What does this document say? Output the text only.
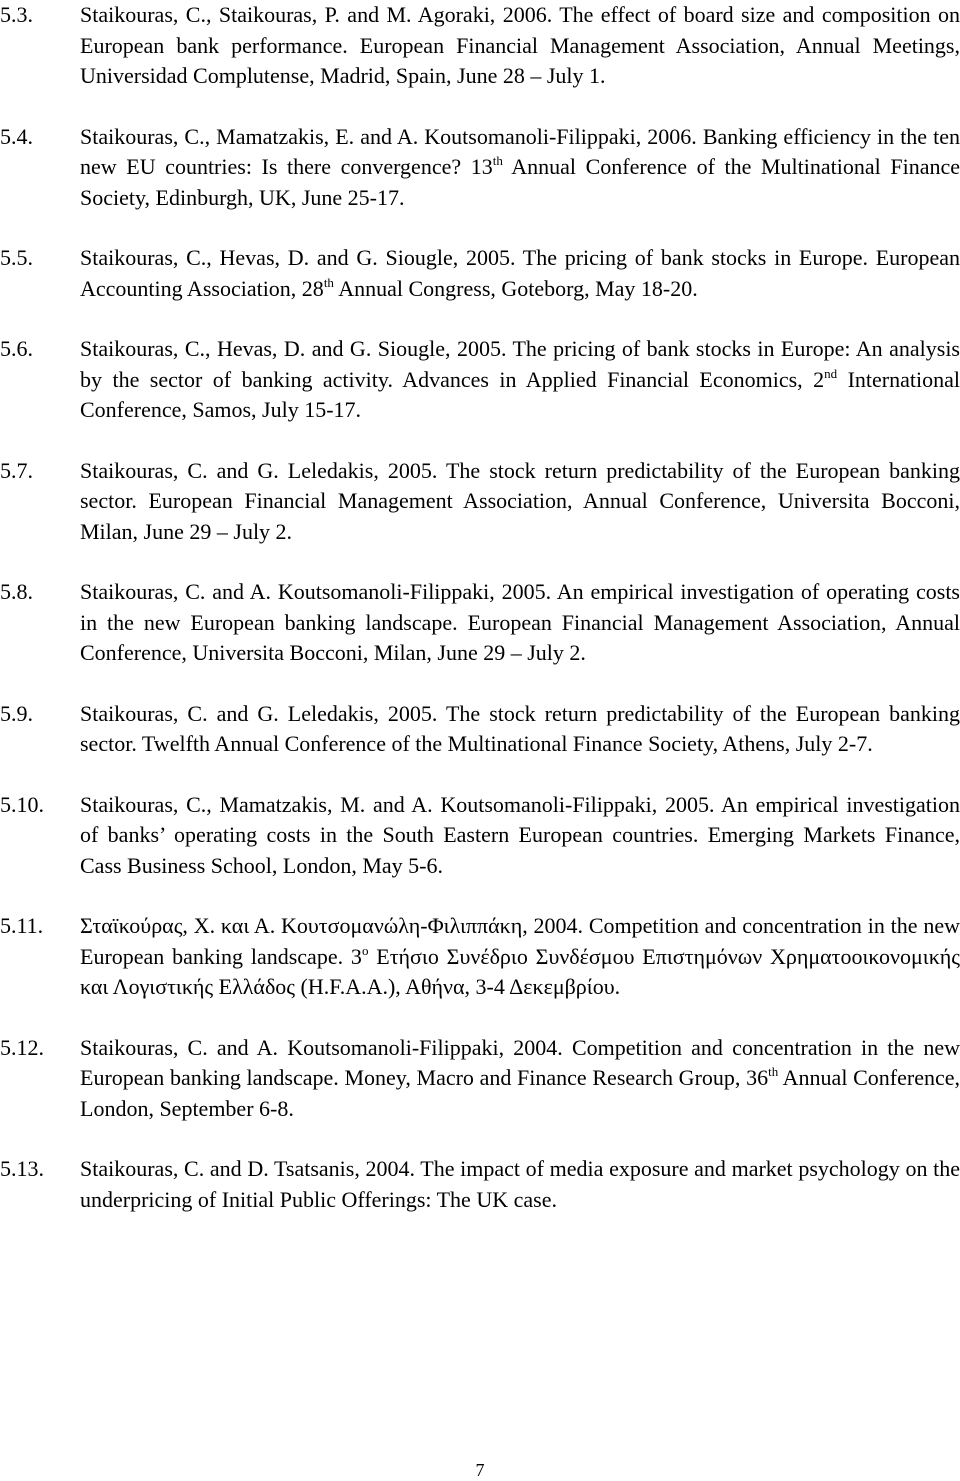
5.3.	Staikouras, C., Staikouras, P. and M. Agoraki, 2006. The effect of board size and composition on European bank performance. European Financial Management Association, Annual Meetings, Universidad Complutense, Madrid, Spain, June 28 – July 1.
5.4.	Staikouras, C., Mamatzakis, E. and A. Koutsomanoli-Filippaki, 2006. Banking efficiency in the ten new EU countries: Is there convergence? 13th Annual Conference of the Multinational Finance Society, Edinburgh, UK, June 25-17.
5.5.	Staikouras, C., Hevas, D. and G. Siougle, 2005. The pricing of bank stocks in Europe. European Accounting Association, 28th Annual Congress, Goteborg, May 18-20.
5.6.	Staikouras, C., Hevas, D. and G. Siougle, 2005. The pricing of bank stocks in Europe: An analysis by the sector of banking activity. Advances in Applied Financial Economics, 2nd International Conference, Samos, July 15-17.
5.7.	Staikouras, C. and G. Leledakis, 2005. The stock return predictability of the European banking sector. European Financial Management Association, Annual Conference, Universita Bocconi, Milan, June 29 – July 2.
5.8.	Staikouras, C. and A. Koutsomanoli-Filippaki, 2005. An empirical investigation of operating costs in the new European banking landscape. European Financial Management Association, Annual Conference, Universita Bocconi, Milan, June 29 – July 2.
5.9.	Staikouras, C. and G. Leledakis, 2005. The stock return predictability of the European banking sector. Twelfth Annual Conference of the Multinational Finance Society, Athens, July 2-7.
5.10.	Staikouras, C., Mamatzakis, M. and A. Koutsomanoli-Filippaki, 2005. An empirical investigation of banks’ operating costs in the South Eastern European countries. Emerging Markets Finance, Cass Business School, London, May 5-6.
5.11.	Σταϊκούρας, Χ. και Α. Κουτσομανώλη-Φιλιππάκη, 2004. Competition and concentration in the new European banking landscape. 3$^o$ Ετήσιο Συνέδριο Συνδέσμου Επιστημόνων Χρηματοοικονομικής και Λογιστικής Ελλάδος (H.F.A.A.), Αθήνα, 3-4 Δεκεμβρίου.
5.12.	Staikouras, C. and A. Koutsomanoli-Filippaki, 2004. Competition and concentration in the new European banking landscape. Money, Macro and Finance Research Group, 36th Annual Conference, London, September 6-8.
5.13.	Staikouras, C. and D. Tsatsanis, 2004. The impact of media exposure and market psychology on the underpricing of Initial Public Offerings: The UK case.
7
